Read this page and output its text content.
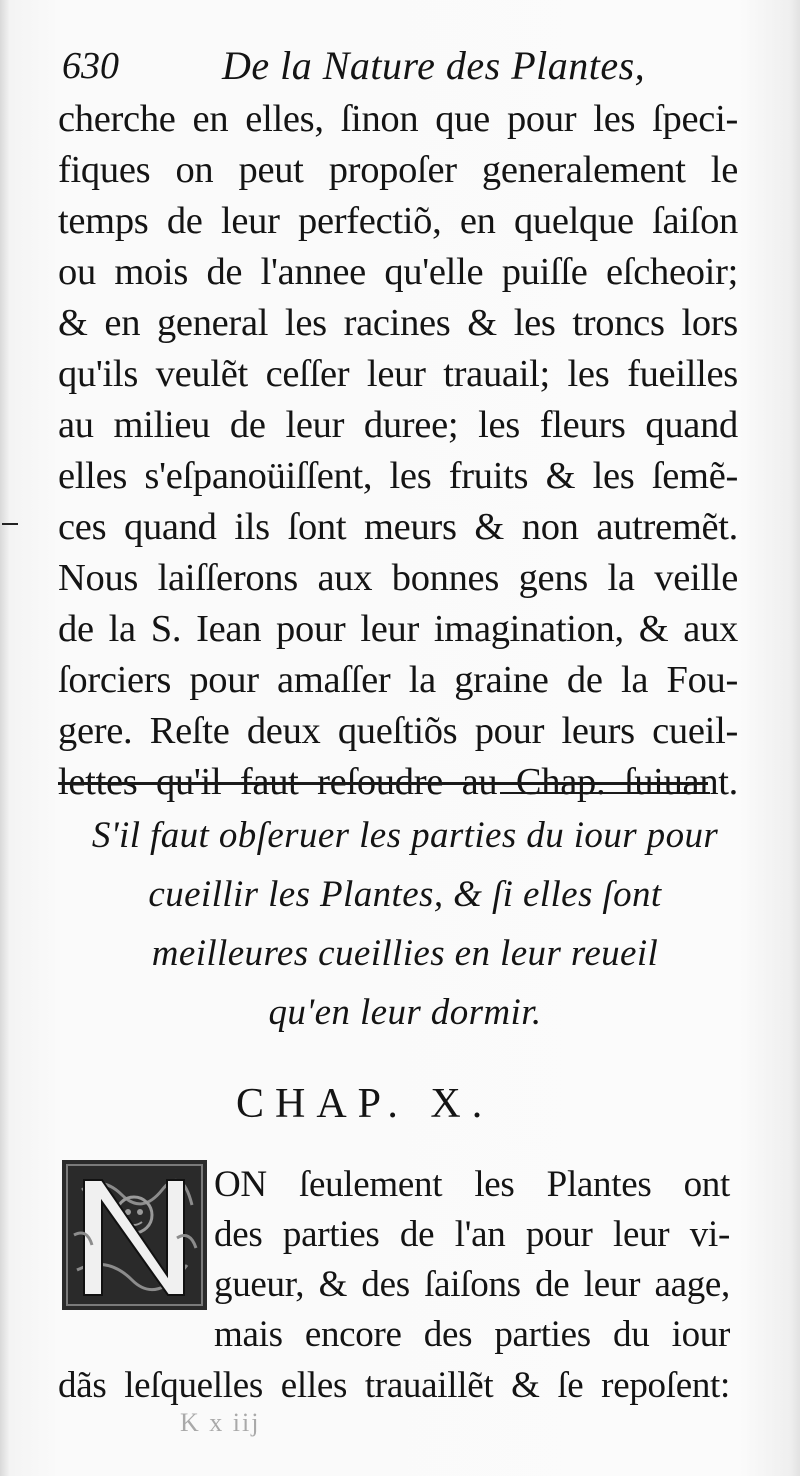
630	De la Nature des Plantes,
cherche en elles, ſinon que pour les ſpeci-
fiques on peut propoſer generalement le
temps de leur perfectiõ, en quelque ſaiſon
ou mois de l'annee qu'elle puiſſe eſcheoir;
& en general les racines & les troncs lors
qu'ils veulẽt ceſſer leur trauail; les fueilles
au milieu de leur duree; les fleurs quand
elles s'eſpanoüiſſent, les fruits & les ſemẽ-
ces quand ils ſont meurs & non autremẽt.
Nous laiſſerons aux bonnes gens la veille
de la S. Iean pour leur imagination, & aux
ſorciers pour amaſſer la graine de la Fou-
gere. Reſte deux queſtiõs pour leurs cueil-
lettes qu'il faut reſoudre au Chap. ſuiuant.
S'il faut obſeruer les parties du iour pour
cueillir les Plantes, & ſi elles ſont
meilleures cueillies en leur reueil
qu'en leur dormir.
CHAP. X.
ON ſeulement les Plantes ont
des parties de l'an pour leur vi-
gueur, & des ſaiſons de leur aage,
mais encore des parties du iour
dãs leſquelles elles trauaillẽt & ſe repoſent:
K x iij
